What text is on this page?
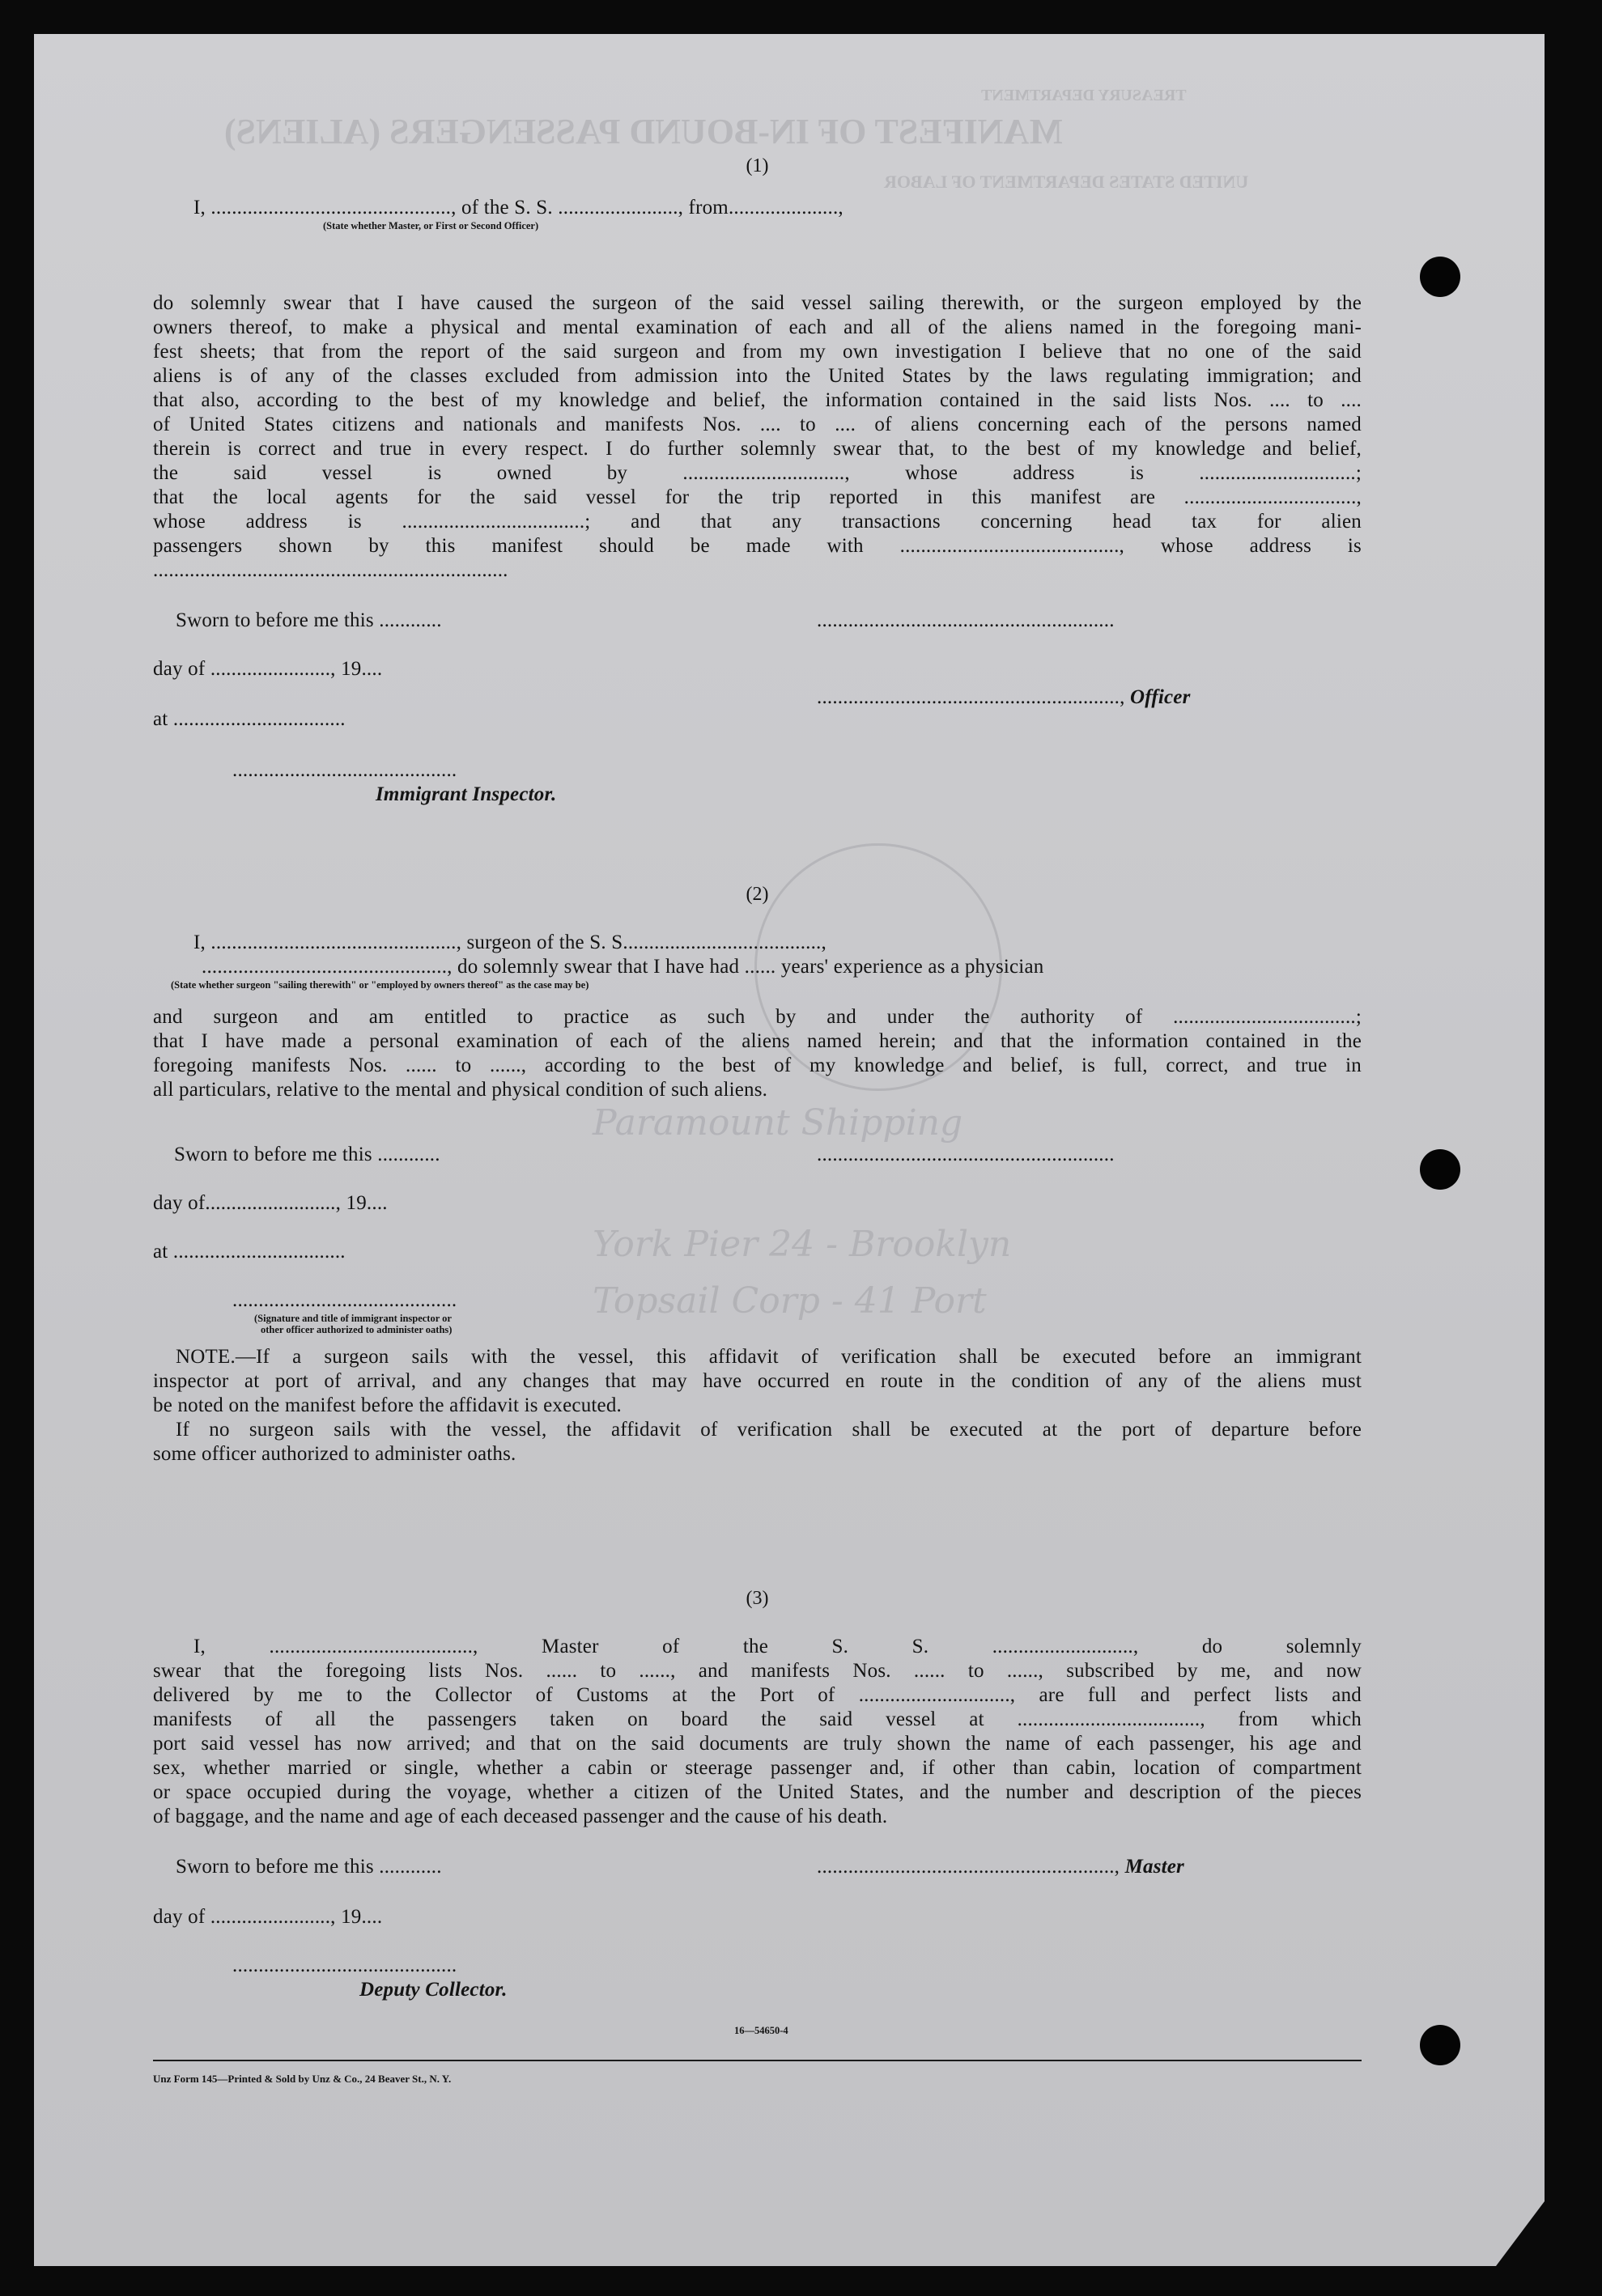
MANIFEST OF IN-BOUND PASSENGERS (ALIENS)
TREASURY DEPARTMENT
UNITED STATES DEPARTMENT OF LABOR
Paramount Shipping
York Pier 24 - Brooklyn
Topsail Corp - 41 Port
(1)
I, .............................................., of the S. S. ......................., from.....................,
(State whether Master, or First or Second Officer)
do solemnly swear that I have caused the surgeon of the said vessel sailing therewith, or the surgeon employed by the
owners thereof, to make a physical and mental examination of each and all of the aliens named in the foregoing mani-
fest sheets; that from the report of the said surgeon and from my own investigation I believe that no one of the said
aliens is of any of the classes excluded from admission into the United States by the laws regulating immigration; and
that also, according to the best of my knowledge and belief, the information contained in the said lists Nos. .... to ....
of United States citizens and nationals and manifests Nos. .... to .... of aliens concerning each of the persons named
therein is correct and true in every respect. I do further solemnly swear that, to the best of my knowledge and belief,
the said vessel is owned by ..............................., whose address is ..............................;
that the local agents for the said vessel for the trip reported in this manifest are .................................,
whose address is ...................................; and that any transactions concerning head tax for alien
passengers shown by this manifest should be made with .........................................., whose address is
....................................................................
Sworn to before me this ............	.........................................................
day of ......................., 19....
.........................................................., Officer
at .................................
...........................................
Immigrant Inspector.
(2)
I, ..............................................., surgeon of the S. S......................................,
..............................................., do solemnly swear that I have had ...... years' experience as a physician
(State whether surgeon "sailing therewith" or "employed by owners thereof" as the case may be)
and surgeon and am entitled to practice as such by and under the authority of ...................................;
that I have made a personal examination of each of the aliens named herein; and that the information contained in the
foregoing manifests Nos. ...... to ......, according to the best of my knowledge and belief, is full, correct, and true in
all particulars, relative to the mental and physical condition of such aliens.
Sworn to before me this ............	.........................................................
day of........................., 19....
at .................................
...........................................
(Signature and title of immigrant inspector or
other officer authorized to administer oaths)
NOTE.—If a surgeon sails with the vessel, this affidavit of verification shall be executed before an immigrant
inspector at port of arrival, and any changes that may have occurred en route in the condition of any of the aliens must
be noted on the manifest before the affidavit is executed.
If no surgeon sails with the vessel, the affidavit of verification shall be executed at the port of departure before
some officer authorized to administer oaths.
(3)
I, ......................................., Master of the S. S. ..........................., do solemnly
swear that the foregoing lists Nos. ...... to ......, and manifests Nos. ...... to ......, subscribed by me, and now
delivered by me to the Collector of Customs at the Port of ............................., are full and perfect lists and
manifests of all the passengers taken on board the said vessel at ..................................., from which
port said vessel has now arrived; and that on the said documents are truly shown the name of each passenger, his age and
sex, whether married or single, whether a cabin or steerage passenger and, if other than cabin, location of compartment
or space occupied during the voyage, whether a citizen of the United States, and the number and description of the pieces
of baggage, and the name and age of each deceased passenger and the cause of his death.
Sworn to before me this ............	........................................................., Master
day of ......................., 19....
...........................................
Deputy Collector.
16—54650-4
Unz Form 145—Printed & Sold by Unz & Co., 24 Beaver St., N. Y.
